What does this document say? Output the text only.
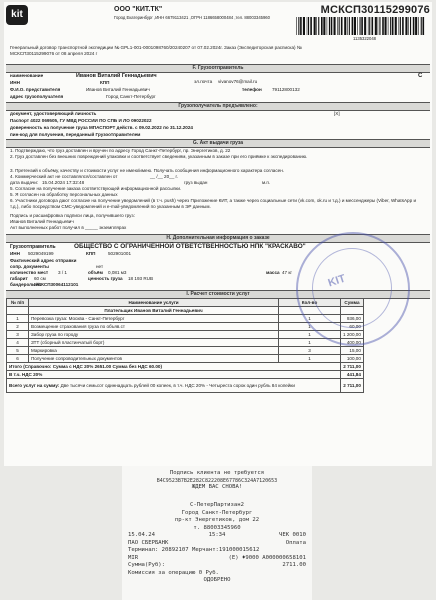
kit	ООО "КИТ.ТК"
Город Екатеринбург ,ИНН 6679113421 ,ОГРН 1186658000484 ,тел. 88003345960
МСКСП30115299076
1135322048
Генеральный договор транспортной экспедиции № GPL1-001-0001098760/20240207 от 07.02.2024г. Заказ (Экспедиторская расписка) № МСКСП30115299076 от 08 апреля 2024 г
F. Грузоотправитель
наименование	Иванов Виталий Геннадьевич
эл.почта vivanov76@mail.ru
С
ИНН	КПП
Ф.И.О. представителя	Иванов Виталий Геннадьевич	телефон 79112800132
адрес грузополучателя	Город Санкт-Петербург
Грузополучатель предъявлено:
документ, удостоверяющий личность	[X]
Паспорт 4022 069505, ГУ МВД РОССИИ ПО СПБ И ЛО 09022022
доверенность на получение груза МПАСПОРТ действ. с 09.02.2022 по 31.12.2024
пин-код для получения, переданный Грузоотправителем
G. Акт выдачи груза
1. Подтверждаю, что груз доставлен и вручен по адресу Город Санкт-Петербург, пр. Энергетиков, д. 22
2. Груз доставлен без внешних повреждений упаковки и соответствует сведениям, указанным в заказе при его приёмке к экспедированию.
3. Претензий к объёму, качеству и стоимости услуг не имею/имею. Получать сообщения информационного характера согласен.
4. Коммерческий акт не составлялся/составлен от	__ /__ 20__ г.
дата выдачи: 15.04.2024 17:32:48	груз выдан	м.п.
5. Согласие на получение заказа соответствующей информационной рассылки.
5. Я согласен на обработку персональных данных
6. Участники договора дают согласие на получение уведомлений (в т.ч. push) через Приложение КИТ, а также через социальные сети (vk.com, ok.ru и т.д.) и мессенджеры (Viber, WhatsApp и т.д.), либо посредством СМС-уведомлений и e-mail-уведомлений по указанным в ЭР данным.
Подпись и расшифровка подписи лица, получившего груз:
Иванов Виталий Геннадьевич
Акт выполненных работ получил в _____ экземплярах
H. Дополнительная информация о заказе
Грузоотправитель	ОБЩЕСТВО С ОГРАНИЧЕННОЙ ОТВЕТСТВЕННОСТЬЮ НПК "КРАСКАВО"
ИНН 5029049199	КПП	502901001
Фактический адрес отправки
сопр. документы	нет
количество мест 3 / 1	объём 0,081 м3	масса 47 кг
габарит 60 см	ценность груза 18 193 RUB
бандероль №
МСКСП30064112101
I. Расчет стоимости услуг
№ п/п	Наименование услуги	Кол-во	Сумма
	Плательщик Иванов Виталий Геннадьевич		
1	Перевозка груза: Москва - Санкт-Петербург	1	936,00
2	Возмещение страхования груза по объяв.ст	1	60,00
3	Забор груза по городу	1	1 200,00
4	ЗТТ (сборный пластинчатый борт)	1	400,00
5	Маркировка	3	15,00
6	Получение сопроводительных документов	1	100,00
Итого (Справочно: Сумма с НДС 20% 2651.00 Сумма без НДС 60.00)			2 711,00
В т.ч. НДС 20%			441,84
Всего услуг на сумму: Две тысячи семьсот одиннадцать рублей 00 копеек, в т.ч. НДС 20% - Четыреста сорок один рубль 84 копейки			2 711,00
KIT
Подпись клиента не требуется
B4C9523B7B2E282C822208E67786C324A7120653
ЖДЕМ ВАС СНОВА!
С-ПетерПартизан2
Город Санкт-Петербург
пр-кт Энергетиков, дом 22
т. 88003345960
15.04.24	15:34	ЧЕК 0010
ПАО СБЕРБАНК	Оплата
Терминал: 20892107 Мерчант:191000015612
MIR	(E) ♦9000 A000000658101
Сумма(Руб):	2711.00
Комиссия за операцию 0 Руб.
ОДОБРЕНО
